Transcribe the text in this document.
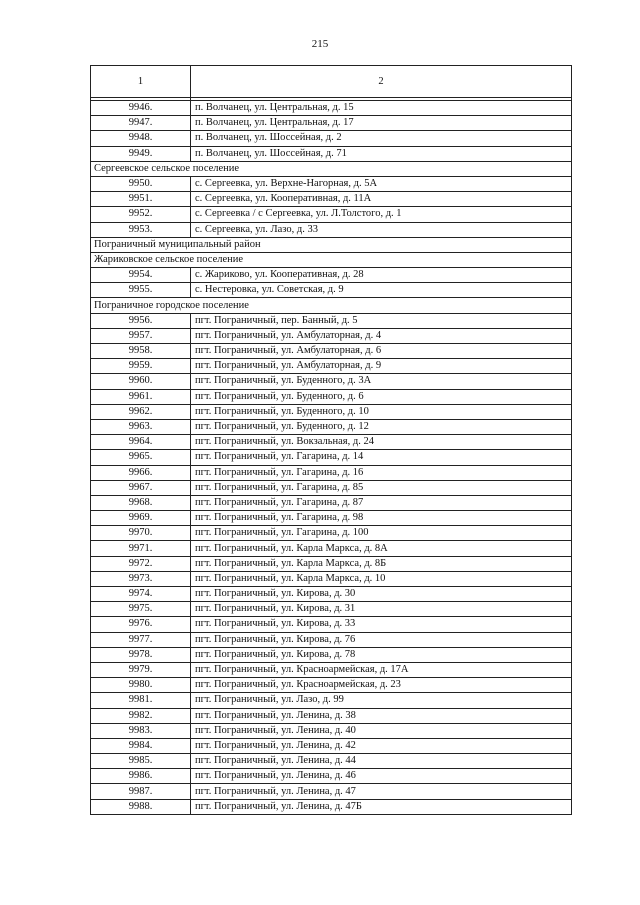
215
1	2

9946.	п. Волчанец, ул. Центральная, д. 15
9947.	п. Волчанец, ул. Центральная, д. 17
9948.	п. Волчанец, ул. Шоссейная, д. 2
9949.	п. Волчанец, ул. Шоссейная, д. 71
Сергеевское сельское поселение	
9950.	с. Сергеевка, ул. Верхне-Нагорная, д. 5А
9951.	с. Сергеевка, ул. Кооперативная, д. 11А
9952.	с. Сергеевка / с Сергеевка, ул. Л.Толстого, д. 1
9953.	с. Сергеевка, ул. Лазо, д. 33
Пограничный муниципальный район	
Жариковское сельское поселение	
9954.	с. Жариково, ул. Кооперативная, д. 28
9955.	с. Нестеровка, ул. Советская, д. 9
Пограничное городское поселение	
9956.	пгт. Пограничный, пер. Банный, д. 5
9957.	пгт. Пограничный, ул. Амбулаторная, д. 4
9958.	пгт. Пограничный, ул. Амбулаторная, д. 6
9959.	пгт. Пограничный, ул. Амбулаторная, д. 9
9960.	пгт. Пограничный, ул. Буденного, д. 3А
9961.	пгт. Пограничный, ул. Буденного, д. 6
9962.	пгт. Пограничный, ул. Буденного, д. 10
9963.	пгт. Пограничный, ул. Буденного, д. 12
9964.	пгт. Пограничный, ул. Вокзальная, д. 24
9965.	пгт. Пограничный, ул. Гагарина, д. 14
9966.	пгт. Пограничный, ул. Гагарина, д. 16
9967.	пгт. Пограничный, ул. Гагарина, д. 85
9968.	пгт. Пограничный, ул. Гагарина, д. 87
9969.	пгт. Пограничный, ул. Гагарина, д. 98
9970.	пгт. Пограничный, ул. Гагарина, д. 100
9971.	пгт. Пограничный, ул. Карла Маркса, д. 8А
9972.	пгт. Пограничный, ул. Карла Маркса, д. 8Б
9973.	пгт. Пограничный, ул. Карла Маркса, д. 10
9974.	пгт. Пограничный, ул. Кирова, д. 30
9975.	пгт. Пограничный, ул. Кирова, д. 31
9976.	пгт. Пограничный, ул. Кирова, д. 33
9977.	пгт. Пограничный, ул. Кирова, д. 76
9978.	пгт. Пограничный, ул. Кирова, д. 78
9979.	пгт. Пограничный, ул. Красноармейская, д. 17А
9980.	пгт. Пограничный, ул. Красноармейская, д. 23
9981.	пгт. Пограничный, ул. Лазо, д. 99
9982.	пгт. Пограничный, ул. Ленина, д. 38
9983.	пгт. Пограничный, ул. Ленина, д. 40
9984.	пгт. Пограничный, ул. Ленина, д. 42
9985.	пгт. Пограничный, ул. Ленина, д. 44
9986.	пгт. Пограничный, ул. Ленина, д. 46
9987.	пгт. Пограничный, ул. Ленина, д. 47
9988.	пгт. Пограничный, ул. Ленина, д. 47Б
